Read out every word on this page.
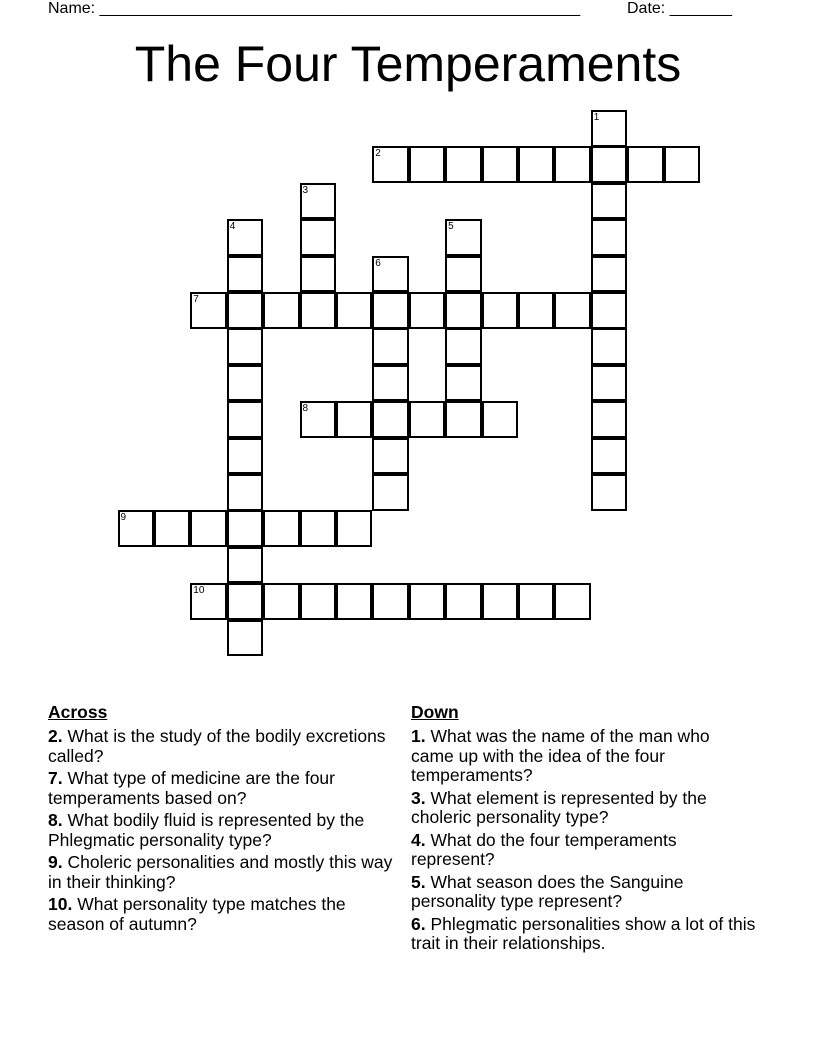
Name: ______________________________________________________	Date: _______
The Four Temperaments
1
2
3
4	5
6
7
8
9
10
Across
2. What is the study of the bodily excretions called?
7. What type of medicine are the four temperaments based on?
8. What bodily fluid is represented by the Phlegmatic personality type?
9. Choleric personalities and mostly this way in their thinking?
10. What personality type matches the season of autumn?
Down
1. What was the name of the man who came up with the idea of the four temperaments?
3. What element is represented by the choleric personality type?
4. What do the four temperaments represent?
5. What season does the Sanguine personality type represent?
6. Phlegmatic personalities show a lot of this trait in their relationships.
